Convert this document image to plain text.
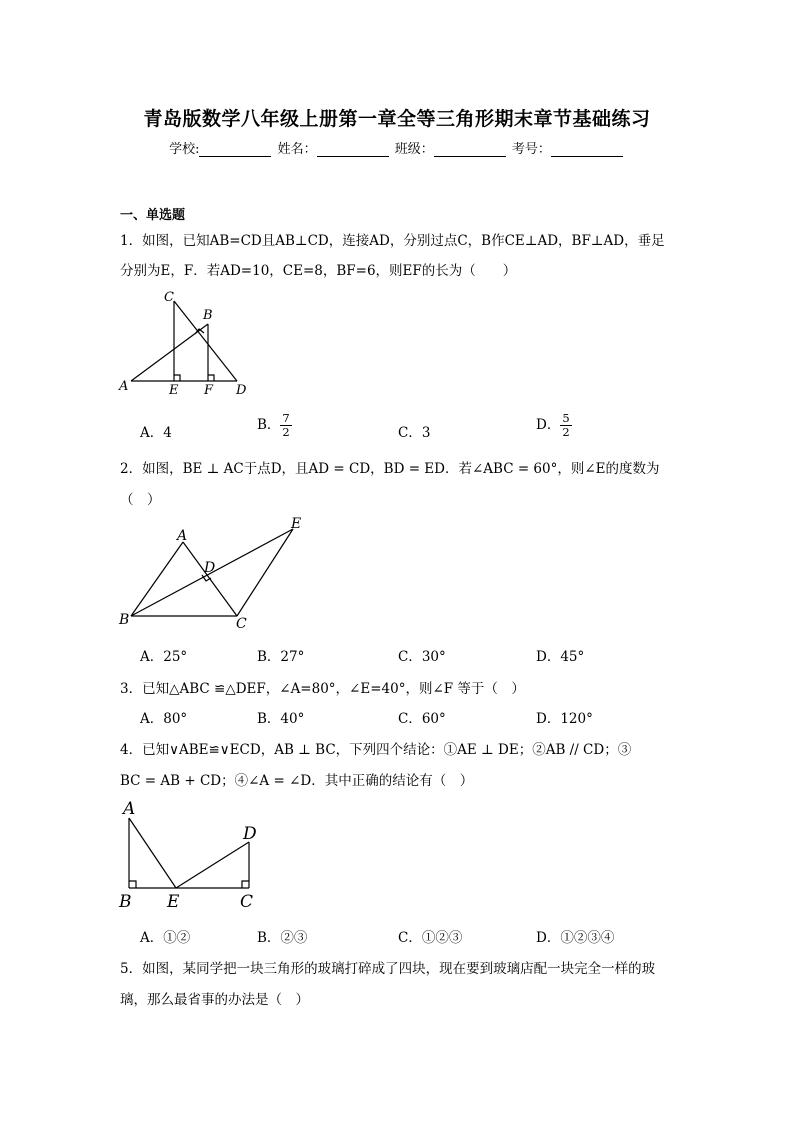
青岛版数学八年级上册第一章全等三角形期末章节基础练习
学校:	姓名：	班级：	考号：
一、单选题
1．如图，已知AB=CD且AB⊥CD，连接AD，分别过点C，B作CE⊥AD，BF⊥AD，垂足
分别为E，F．若AD=10，CE=8，BF=6，则EF的长为（　　）
C
B
A	E F D
A．4	B． $\frac{7}{2}$	C．3	D． $\frac{5}{2}$
2．如图，BE ⊥ AC于点D，且AD = CD，BD = ED．若∠ABC = 60°，则∠E的度数为
（　）
A
E
D
B	C
A．25°	B．27°	C．30°	D．45°
3．已知△ABC ≌△DEF，∠A=80°，∠E=40°，则∠F 等于（　）
A．80°	B．40°	C．60°	D．120°
4．已知∨ABE≌∨ECD，AB ⊥ BC，下列四个结论：①AE ⊥ DE；②AB // CD；③
BC = AB + CD；④∠A = ∠D．其中正确的结论有（　）
A
D
B E	C
A．①②	B．②③	C．①②③	D．①②③④
5．如图，某同学把一块三角形的玻璃打碎成了四块，现在要到玻璃店配一块完全一样的玻
璃，那么最省事的办法是（　）
